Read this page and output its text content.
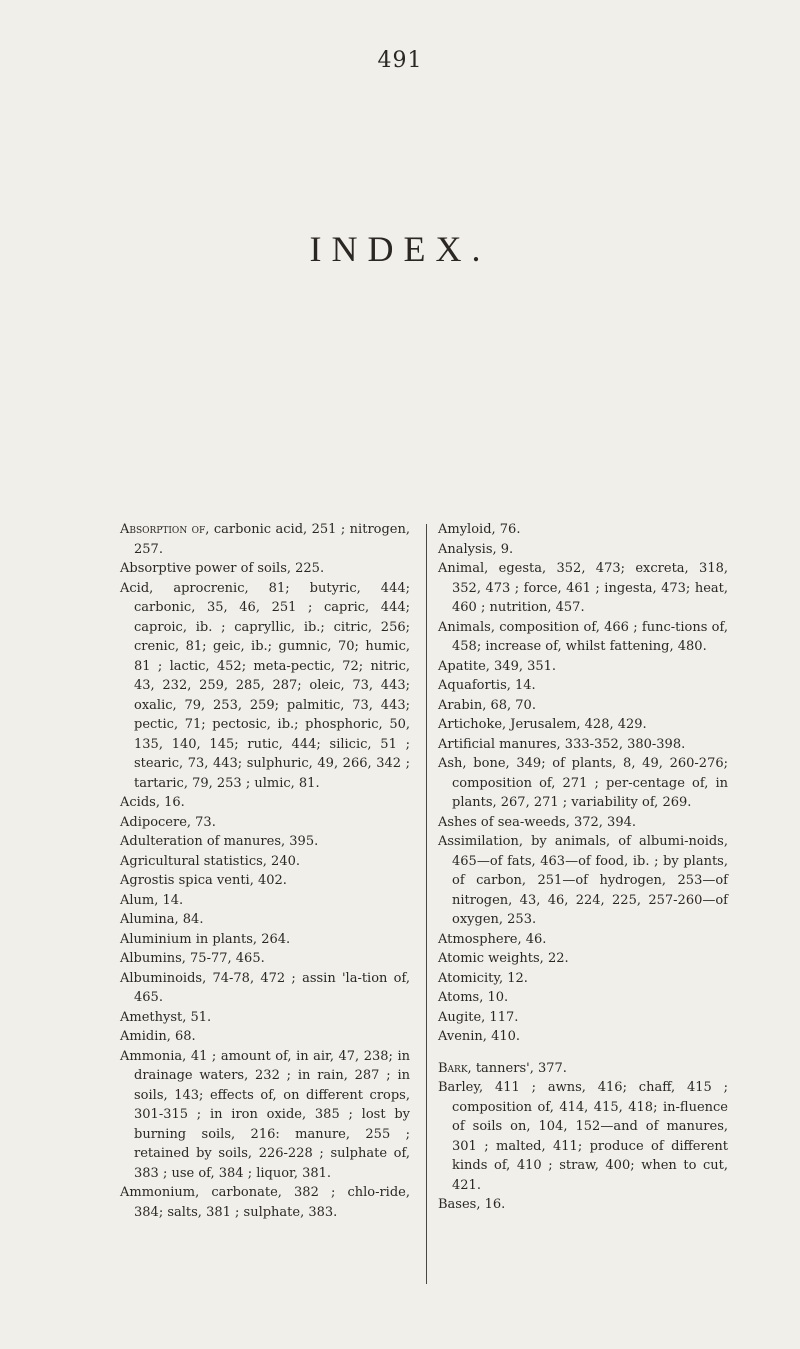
491
INDEX.

Absorption of, carbonic acid, 251 ; nitrogen, 257.

Absorptive power of soils, 225.

Acid, aprocrenic, 81; butyric, 444; carbonic, 35, 46, 251 ; capric, 444; caproic, ib. ; capryllic, ib.; citric, 256; crenic, 81; geic, ib.; gumnic, 70; humic, 81 ; lactic, 452; meta-pectic, 72; nitric, 43, 232, 259, 285, 287; oleic, 73, 443; oxalic, 79, 253, 259; palmitic, 73, 443; pectic, 71; pectosic, ib.; phosphoric, 50, 135, 140, 145; rutic, 444; silicic, 51 ; stearic, 73, 443; sulphuric, 49, 266, 342 ; tartaric, 79, 253 ; ulmic, 81.

Acids, 16.

Adipocere, 73.

Adulteration of manures, 395.

Agricultural statistics, 240.

Agrostis spica venti, 402.

Alum, 14.

Alumina, 84.

Aluminium in plants, 264.

Albumins, 75-77, 465.

Albuminoids, 74-78, 472 ; assin 'la-tion of, 465.

Amethyst, 51.

Amidin, 68.

Ammonia, 41 ; amount of, in air, 47, 238; in drainage waters, 232 ; in rain, 287 ; in soils, 143; effects of, on different crops, 301-315 ; in iron oxide, 385 ; lost by burning soils, 216: manure, 255 ; retained by soils, 226-228 ; sulphate of, 383 ; use of, 384 ; liquor, 381.

Ammonium, carbonate, 382 ; chlo-ride, 384; salts, 381 ; sulphate, 383.

Amyloid, 76.

Analysis, 9.

Animal, egesta, 352, 473; excreta, 318, 352, 473 ; force, 461 ; ingesta, 473; heat, 460 ; nutrition, 457.

Animals, composition of, 466 ; func-tions of, 458; increase of, whilst fattening, 480.

Apatite, 349, 351.

Aquafortis, 14.

Arabin, 68, 70.

Artichoke, Jerusalem, 428, 429.

Artificial manures, 333-352, 380-398.

Ash, bone, 349; of plants, 8, 49, 260-276; composition of, 271 ; per-centage of, in plants, 267, 271 ; variability of, 269.

Ashes of sea-weeds, 372, 394.

Assimilation, by animals, of albumi-noids, 465—of fats, 463—of food, ib. ; by plants, of carbon, 251—of hydrogen, 253—of nitrogen, 43, 46, 224, 225, 257-260—of oxygen, 253.

Atmosphere, 46.

Atomic weights, 22.

Atomicity, 12.

Atoms, 10.

Augite, 117.

Avenin, 410.

Bark, tanners', 377.

Barley, 411 ; awns, 416; chaff, 415 ; composition of, 414, 415, 418; in-fluence of soils on, 104, 152—and of manures, 301 ; malted, 411; produce of different kinds of, 410 ; straw, 400; when to cut, 421.

Bases, 16.
